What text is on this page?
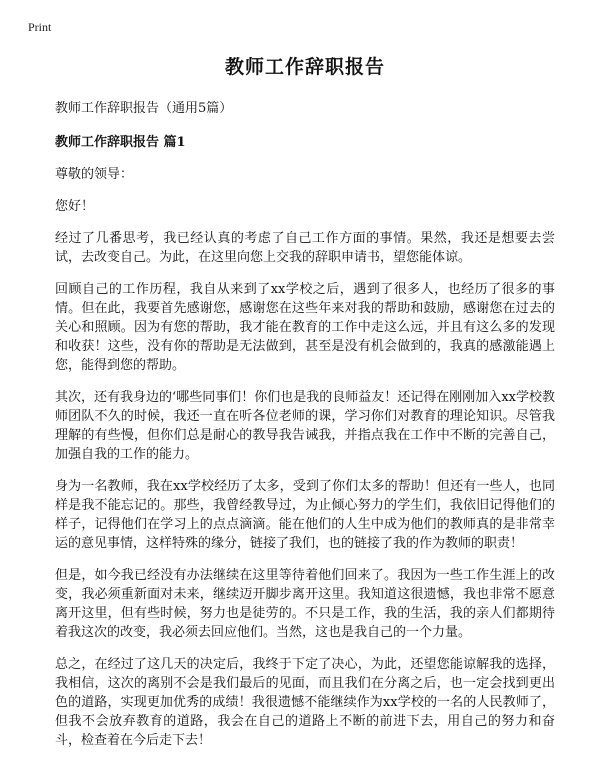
Print
教师工作辞职报告
教师工作辞职报告（通用5篇）
教师工作辞职报告 篇1

尊敬的领导：

您好！

经过了几番思考，我已经认真的考虑了自己工作方面的事情。果然，我还是想要去尝试，去改变自己。为此，在这里向您上交我的辞职申请书，望您能体谅。

回顾自己的工作历程，我自从来到了xx学校之后，遇到了很多人，也经历了很多的事情。但在此，我要首先感谢您，感谢您在这些年来对我的帮助和鼓励，感谢您在过去的关心和照顾。因为有您的帮助，我才能在教育的工作中走这么远，并且有这么多的发现和收获！这些，没有你的帮助是无法做到，甚至是没有机会做到的，我真的感激能遇上您，能得到您的帮助。

其次，还有我身边的‘哪些同事们！你们也是我的良师益友！还记得在刚刚加入xx学校教师团队不久的时候，我还一直在听各位老师的课，学习你们对教育的理论知识。尽管我理解的有些慢，但你们总是耐心的教导我告诫我，并指点我在工作中不断的完善自己，加强自我的工作的能力。

身为一名教师，我在xx学校经历了太多，受到了你们太多的帮助！但还有一些人，也同样是我不能忘记的。那些，我曾经教导过，为止倾心努力的学生们，我依旧记得他们的样子，记得他们在学习上的点点滴滴。能在他们的人生中成为他们的教师真的是非常幸运的意见事情，这样特殊的缘分，链接了我们，也的链接了我的作为教师的职责！

但是，如今我已经没有办法继续在这里等待着他们回来了。我因为一些工作生涯上的改变，我必须重新面对未来，继续迈开脚步离开这里。我知道这很遗憾，我也非常不愿意离开这里，但有些时候，努力也是徒劳的。不只是工作，我的生活，我的亲人们都期待着我这次的改变，我必须去回应他们。当然，这也是我自己的一个力量。

总之，在经过了这几天的决定后，我终于下定了决心，为此，还望您能谅解我的选择，我相信，这次的离别不会是我们最后的见面，而且我们在分离之后，也一定会找到更出色的道路，实现更加优秀的成绩！我很遗憾不能继续作为xx学校的一名的人民教师了，但我不会放弃教育的道路，我会在自己的道路上不断的前进下去，用自己的努力和奋斗，检查着在今后走下去！
